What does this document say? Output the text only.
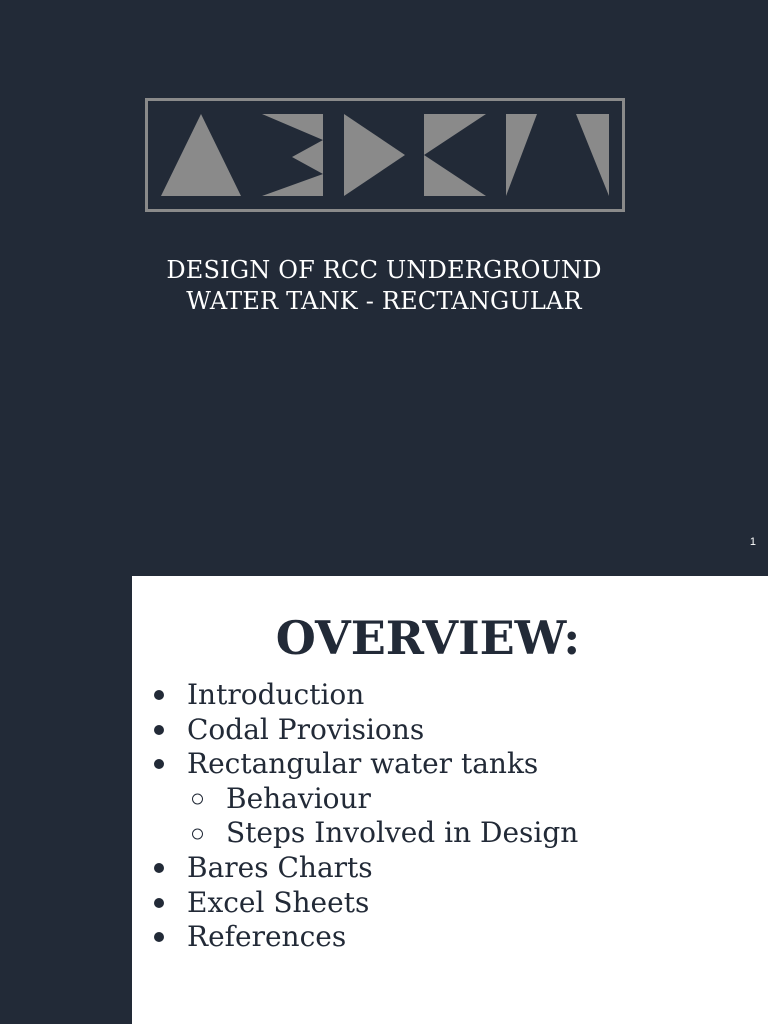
DESIGN OF RCC UNDERGROUND
WATER TANK - RECTANGULAR
1
OVERVIEW:
Introduction
Codal Provisions
Rectangular water tanks
Behaviour
Steps Involved in Design
Bares Charts
Excel Sheets
References
